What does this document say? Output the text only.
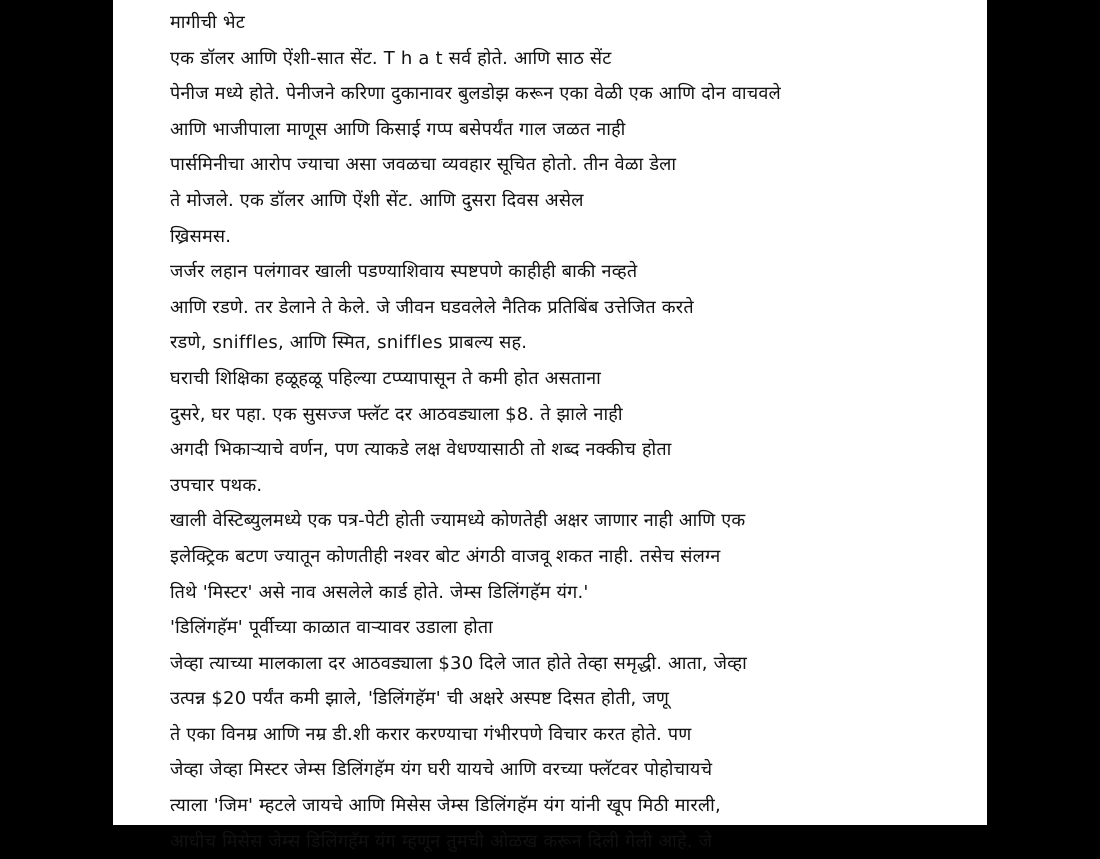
मागीची भेट
एक डॉलर आणि ऐंशी-सात सेंट. T h a t सर्व होते. आणि साठ सेंट
पेनीज मध्ये होते. पेनीजने करिणा दुकानावर बुलडोझ करून एका वेळी एक आणि दोन वाचवले
आणि भाजीपाला माणूस आणि किसाई गप्प बसेपर्यंत गाल जळत नाही
पार्समिनीचा आरोप ज्याचा असा जवळचा व्यवहार सूचित होतो. तीन वेळा डेला
ते मोजले. एक डॉलर आणि ऐंशी सेंट. आणि दुसरा दिवस असेल
ख्रिसमस.
जर्जर लहान पलंगावर खाली पडण्याशिवाय स्पष्टपणे काहीही बाकी नव्हते
आणि रडणे. तर डेलाने ते केले. जे जीवन घडवलेले नैतिक प्रतिबिंब उत्तेजित करते
रडणे, sniffles, आणि स्मित, sniffles प्राबल्य सह.
घराची शिक्षिका हळूहळू पहिल्या टप्प्यापासून ते कमी होत असताना
दुसरे, घर पहा. एक सुसज्ज फ्लॅट दर आठवड्याला $8. ते झाले नाही
अगदी भिकाऱ्याचे वर्णन, पण त्याकडे लक्ष वेधण्यासाठी तो शब्द नक्कीच होता
उपचार पथक.
खाली वेस्टिब्युलमध्ये एक पत्र-पेटी होती ज्यामध्ये कोणतेही अक्षर जाणार नाही आणि एक
इलेक्ट्रिक बटण ज्यातून कोणतीही नश्वर बोट अंगठी वाजवू शकत नाही. तसेच संलग्न
तिथे 'मिस्टर' असे नाव असलेले कार्ड होते. जेम्स डिलिंगहॅम यंग.'
'डिलिंगहॅम' पूर्वीच्या काळात वाऱ्यावर उडाला होता
जेव्हा त्याच्या मालकाला दर आठवड्याला $30 दिले जात होते तेव्हा समृद्धी. आता, जेव्हा
उत्पन्न $20 पर्यंत कमी झाले, 'डिलिंगहॅम' ची अक्षरे अस्पष्ट दिसत होती, जणू
ते एका विनम्र आणि नम्र डी.शी करार करण्याचा गंभीरपणे विचार करत होते. पण
जेव्हा जेव्हा मिस्टर जेम्स डिलिंगहॅम यंग घरी यायचे आणि वरच्या फ्लॅटवर पोहोचायचे
त्याला 'जिम' म्हटले जायचे आणि मिसेस जेम्स डिलिंगहॅम यंग यांनी खूप मिठी मारली,
आधीच मिसेस जेम्स डिलिंगहॅम यंग म्हणून तुमची ओळख करून दिली गेली आहे. जे
